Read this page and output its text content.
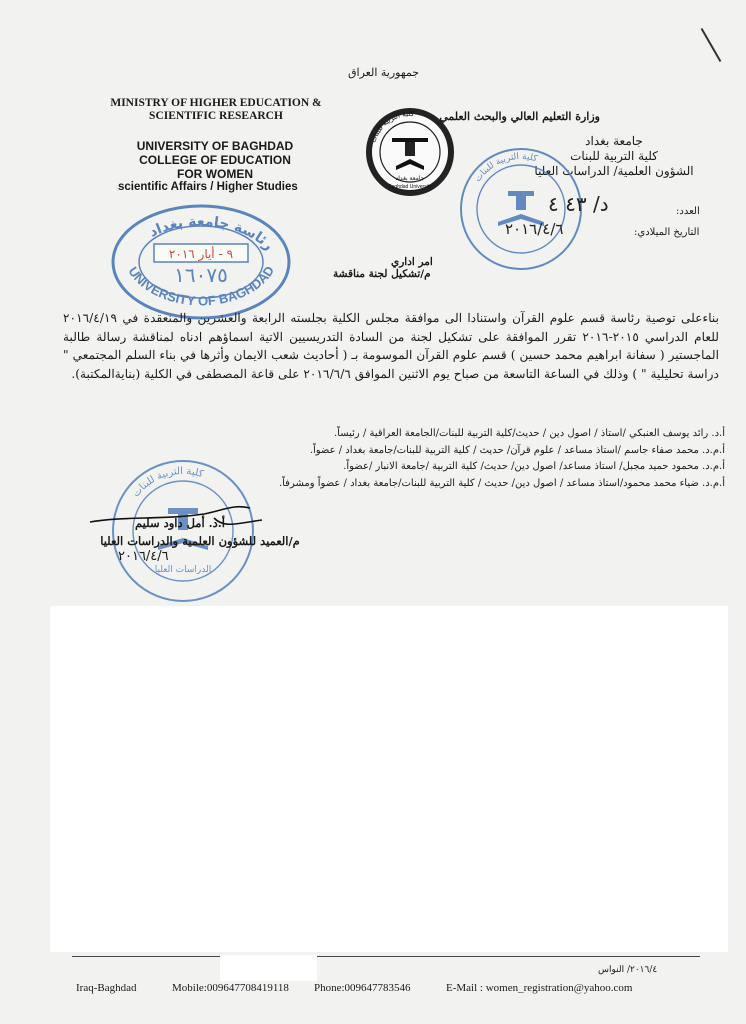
MINISTRY OF HIGHER EDUCATION & SCIENTIFIC RESEARCH
UNIVERSITY OF BAGHDAD
COLLEGE OF EDUCATION
FOR WOMEN
scientific Affairs / Higher Studies
جمهورية العراق
وزارة التعليم العالي والبحث العلمي
جامعة بغداد
كلية التربية للبنات
الشؤون العلمية/ الدراسات العليا
العدد:
التاريخ الميلادي:
كلية التربية للبنات
جامعة بغداد
Baghdad University
كلية التربية للبنات
د/ ٤٣ ٤
٢٠١٦/٤/٦
رئاسة جامعة بغداد
UNIVERSITY OF BAGHDAD
٩ - أيار ٢٠١٦
١٦٠٧٥
امر اداري
م/تشكيل لجنة مناقشة
بناءعلى توصية رئاسة قسم علوم القرآن واستنادا الى موافقة مجلس الكلية بجلسته الرابعة والعشرين والمنعقدة في ٢٠١٦/٤/١٩ للعام الدراسي ٢٠١٥-٢٠١٦ تقرر الموافقة على تشكيل لجنة من السادة التدريسيين الاتية اسماؤهم ادناه لمناقشة رسالة طالبة الماجستير ( سفانة ابراهيم محمد حسين ) قسم علوم القرآن الموسومة بـ ( أحاديث شعب الايمان وأثرها في بناء السلم المجتمعي " دراسة تحليلية " ) وذلك في الساعة التاسعة من صباح يوم الاثنين الموافق ٢٠١٦/٦/٦ على قاعة المصطفى في الكلية (بنايةالمكتبة).
أ.د. رائد يوسف العنبكي /استاذ / اصول دين / حديث/كلية التربية للبنات/الجامعة العراقية / رئيساً.
أ.م.د. محمد صفاء جاسم /استاذ مساعد / علوم قرآن/ حديث / كلية التربية للبنات/جامعة بغداد / عضواً.
أ.م.د. محمود حميد مجبل/ استاذ مساعد/ اصول دين/ حديث/ كلية التربية /جامعة الانبار /عضواً.
أ.م.د. ضياء محمد محمود/استاذ مساعد / اصول دين/ حديث / كلية التربية للبنات/جامعة بغداد / عضواً ومشرفاً.
كلية التربية للبنات
الدراسات العليا
أ.د. أمل داود سليم
م/العميد للشؤون العلمية والدراسات العليا
٢٠١٦/٤/٦
٢٠١٦/٤/ النواس
Iraq-Baghdad	Mobile:009647708419118 Phone:009647783546	E-Mail : women_registration@yahoo.com
